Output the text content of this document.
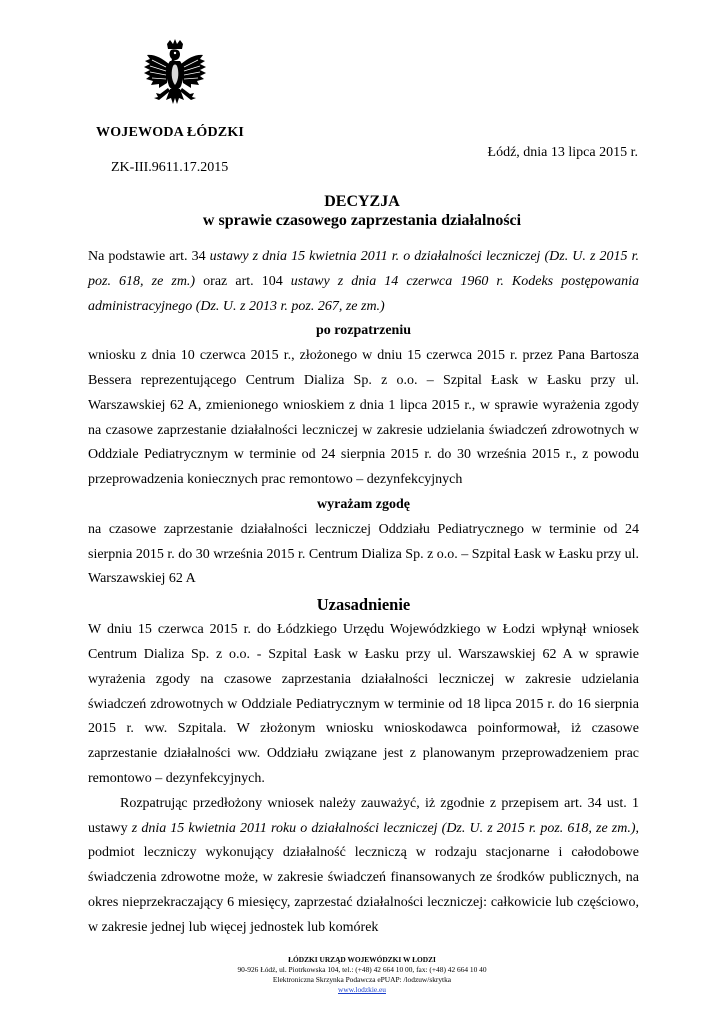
WOJEWODA ŁÓDZKI
Łódź, dnia 13 lipca 2015 r.
ZK-III.9611.17.2015
DECYZJA
w sprawie czasowego zaprzestania działalności
Na podstawie art. 34 ustawy z dnia 15 kwietnia 2011 r. o działalności leczniczej (Dz. U. z 2015 r. poz. 618, ze zm.) oraz art. 104 ustawy z dnia 14 czerwca 1960 r. Kodeks postępowania administracyjnego (Dz. U. z 2013 r. poz. 267, ze zm.)
po rozpatrzeniu
wniosku z dnia 10 czerwca 2015 r., złożonego w dniu 15 czerwca 2015 r. przez Pana Bartosza Bessera reprezentującego Centrum Dializa Sp. z o.o. – Szpital Łask w Łasku przy ul. Warszawskiej 62 A, zmienionego wnioskiem z dnia 1 lipca 2015 r., w sprawie wyrażenia zgody na czasowe zaprzestanie działalności leczniczej w zakresie udzielania świadczeń zdrowotnych w Oddziale Pediatrycznym w terminie od 24 sierpnia 2015 r. do 30 września 2015 r., z powodu przeprowadzenia koniecznych prac remontowo – dezynfekcyjnych
wyrażam zgodę
na czasowe zaprzestanie działalności leczniczej Oddziału Pediatrycznego w terminie od 24 sierpnia 2015 r. do 30 września 2015 r. Centrum Dializa Sp. z o.o. – Szpital Łask w Łasku przy ul. Warszawskiej 62 A
Uzasadnienie
W dniu 15 czerwca 2015 r. do Łódzkiego Urzędu Wojewódzkiego w Łodzi wpłynął wniosek Centrum Dializa Sp. z o.o. - Szpital Łask w Łasku przy ul. Warszawskiej 62 A w sprawie wyrażenia zgody na czasowe zaprzestania działalności leczniczej w zakresie udzielania świadczeń zdrowotnych w Oddziale Pediatrycznym w terminie od 18 lipca 2015 r. do 16 sierpnia 2015 r. ww. Szpitala. W złożonym wniosku wnioskodawca poinformował, iż czasowe zaprzestanie działalności ww. Oddziału związane jest z planowanym przeprowadzeniem prac remontowo – dezynfekcyjnych.
Rozpatrując przedłożony wniosek należy zauważyć, iż zgodnie z przepisem art. 34 ust. 1 ustawy z dnia 15 kwietnia 2011 roku o działalności leczniczej (Dz. U. z 2015 r. poz. 618, ze zm.), podmiot leczniczy wykonujący działalność leczniczą w rodzaju stacjonarne i całodobowe świadczenia zdrowotne może, w zakresie świadczeń finansowanych ze środków publicznych, na okres nieprzekraczający 6 miesięcy, zaprzestać działalności leczniczej: całkowicie lub częściowo, w zakresie jednej lub więcej jednostek lub komórek
ŁÓDZKI URZĄD WOJEWÓDZKI W ŁODZI
90-926 Łódź, ul. Piotrkowska 104, tel.: (+48) 42 664 10 00, fax: (+48) 42 664 10 40
Elektroniczna Skrzynka Podawcza ePUAP: /lodzuw/skrytka
www.lodzkie.eu
